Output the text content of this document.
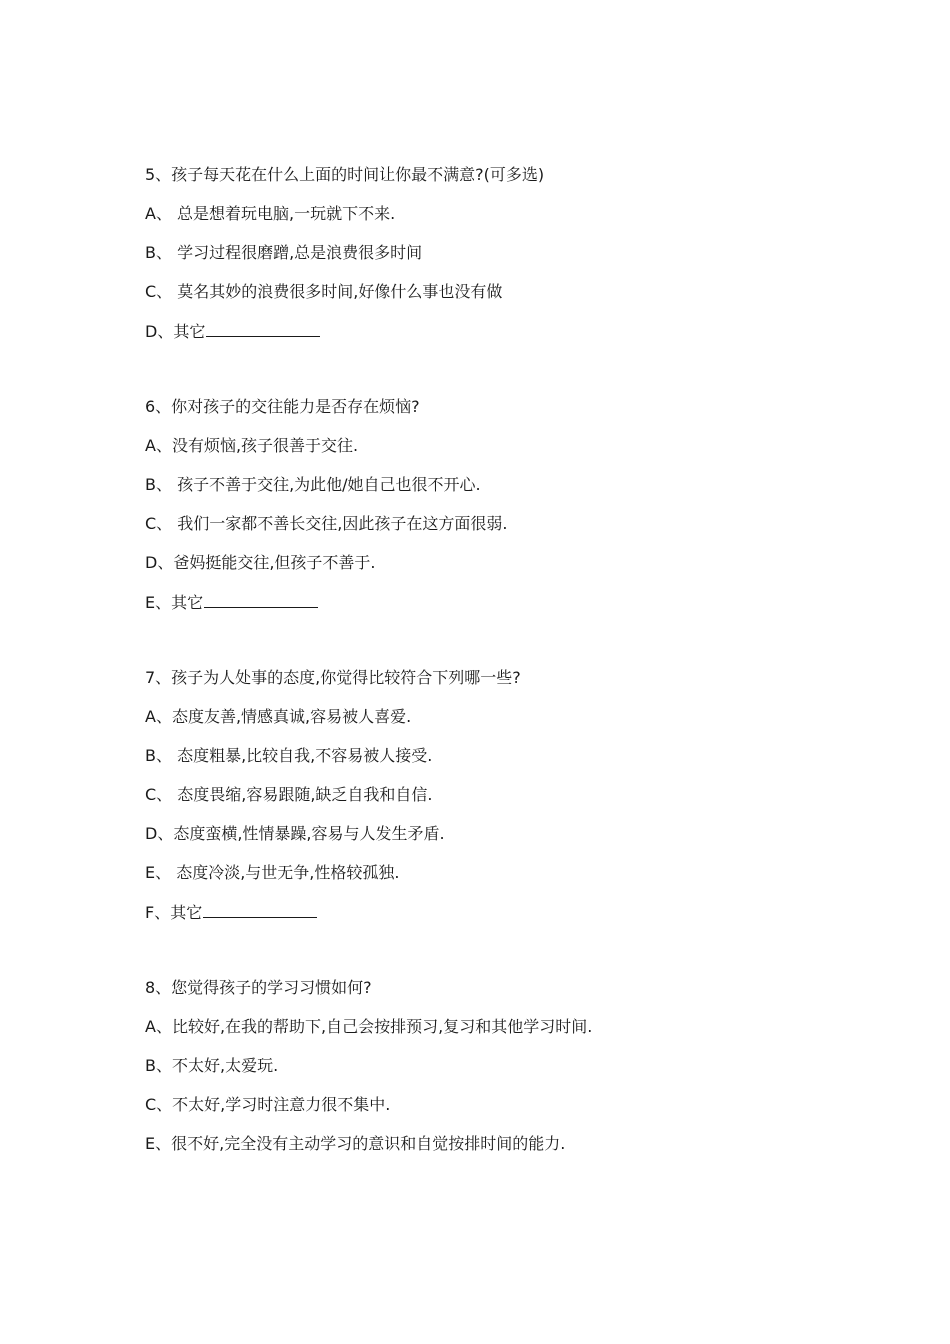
5、孩子每天花在什么上面的时间让你最不满意?(可多选)
A、 总是想着玩电脑,一玩就下不来.
B、 学习过程很磨蹭,总是浪费很多时间
C、 莫名其妙的浪费很多时间,好像什么事也没有做
D、其它
6、你对孩子的交往能力是否存在烦恼?
A、没有烦恼,孩子很善于交往.
B、 孩子不善于交往,为此他/她自己也很不开心.
C、 我们一家都不善长交往,因此孩子在这方面很弱.
D、爸妈挺能交往,但孩子不善于.
E、其它
7、孩子为人处事的态度,你觉得比较符合下列哪一些?
A、态度友善,情感真诚,容易被人喜爱.
B、 态度粗暴,比较自我,不容易被人接受.
C、 态度畏缩,容易跟随,缺乏自我和自信.
D、态度蛮横,性情暴躁,容易与人发生矛盾.
E、 态度冷淡,与世无争,性格较孤独.
F、其它
8、您觉得孩子的学习习惯如何?
A、比较好,在我的帮助下,自己会按排预习,复习和其他学习时间.
B、不太好,太爱玩.
C、不太好,学习时注意力很不集中.
E、很不好,完全没有主动学习的意识和自觉按排时间的能力.
